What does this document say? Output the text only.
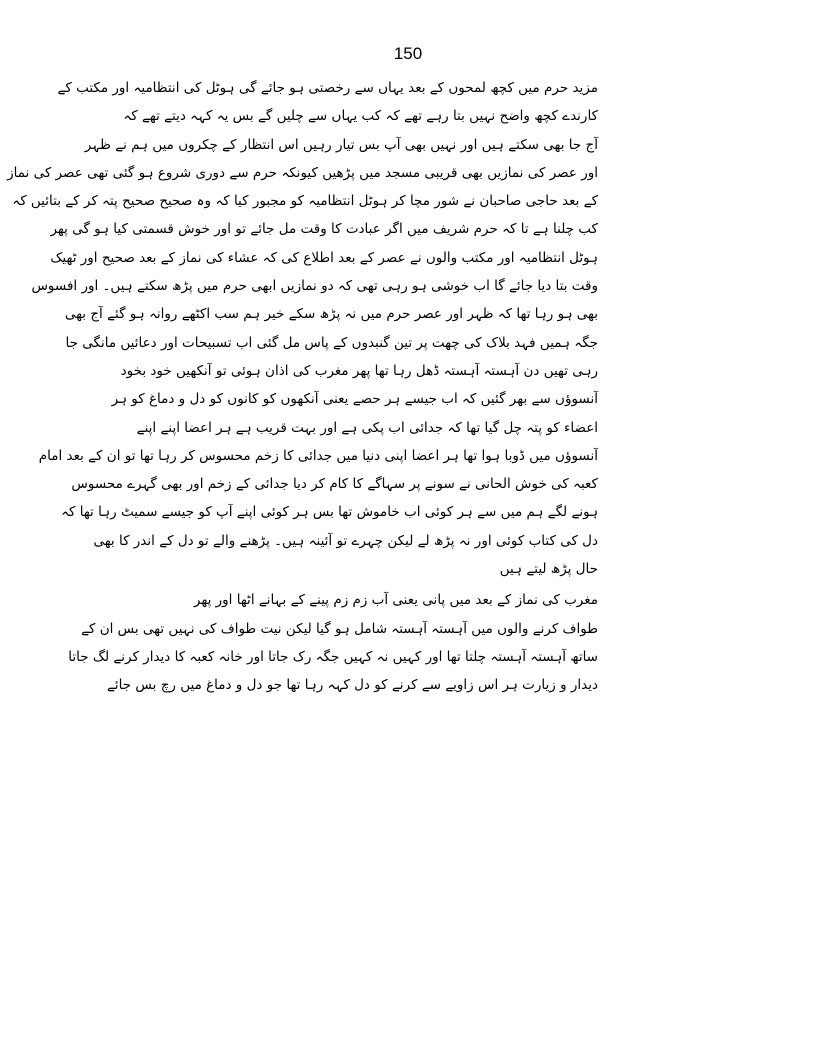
150
مزید حرم میں کچھ لمحوں کے بعد یہاں سے رخصتی ہو جائے گی ہوٹل کی انتظامیہ اور مکتب کے
کارندے کچھ واضح نہیں بتا رہے تھے کہ کب یہاں سے چلیں گے بس یہ کہہ دیتے تھے کہ
آج جا بھی سکتے ہیں اور نہیں بھی آپ بس تیار رہیں اس انتظار کے چکروں میں ہم نے ظہر
اور عصر کی نمازیں بھی قریبی مسجد میں پڑھیں کیونکہ حرم سے دوری شروع ہو گئی تھی عصر کی نماز
کے بعد حاجی صاحبان نے شور مچا کر ہوٹل انتظامیہ کو مجبور کیا کہ وہ صحیح صحیح پتہ کر کے بتائیں کہ
کب چلنا ہے تا کہ حرم شریف میں اگر عبادت کا وقت مل جائے تو اور خوش قسمتی کیا ہو گی پھر
ہوٹل انتظامیہ اور مکتب والوں نے عصر کے بعد اطلاع کی کہ عشاء کی نماز کے بعد صحیح اور ٹھیک
وقت بتا دیا جائے گا اب خوشی ہو رہی تھی کہ دو نمازیں ابھی حرم میں پڑھ سکتے ہیں۔ اور افسوس
بھی ہو رہا تھا کہ ظہر اور عصر حرم میں نہ پڑھ سکے خیر ہم سب اکٹھے روانہ ہو گئے آج بھی
جگہ ہمیں فہد بلاک کی چھت پر تین گنبدوں کے پاس مل گئی اب تسبیحات اور دعائیں مانگی جا
رہی تھیں دن آہستہ آہستہ ڈھل رہا تھا پھر مغرب کی اذان ہوئی تو آنکھیں خود بخود
آنسوؤں سے بھر گئیں کہ اب جیسے ہر حصے یعنی آنکھوں کو کانوں کو دل و دماغ کو ہر
اعضاء کو پتہ چل گیا تھا کہ جدائی اب پکی ہے اور بہت قریب ہے ہر اعضا اپنے اپنے
آنسوؤں میں ڈوبا ہوا تھا ہر اعضا اپنی دنیا میں جدائی کا زخم محسوس کر رہا تھا تو ان کے بعد امام
کعبہ کی خوش الحانی نے سونے پر سہاگے کا کام کر دیا جدائی کے زخم اور بھی گہرے محسوس
ہونے لگے ہم میں سے ہر کوئی اب خاموش تھا بس ہر کوئی اپنے آپ کو جیسے سمیٹ رہا تھا کہ
دل کی کتاب کوئی اور نہ پڑھ لے لیکن چہرے تو آئینہ ہیں۔ پڑھنے والے تو دل کے اندر کا بھی
حال پڑھ لیتے ہیں
مغرب کی نماز کے بعد میں پانی یعنی آب زم زم پینے کے بہانے اٹھا اور پھر
طواف کرنے والوں میں آہستہ آہستہ شامل ہو گیا لیکن نیت طواف کی نہیں تھی بس ان کے
ساتھ آہستہ آہستہ چلتا تھا اور کہیں نہ کہیں جگہ رک جاتا اور خانہ کعبہ کا دیدار کرنے لگ جاتا
دیدار و زیارت ہر اس زاویے سے کرنے کو دل کہہ رہا تھا جو دل و دماغ میں رچ بس جائے
